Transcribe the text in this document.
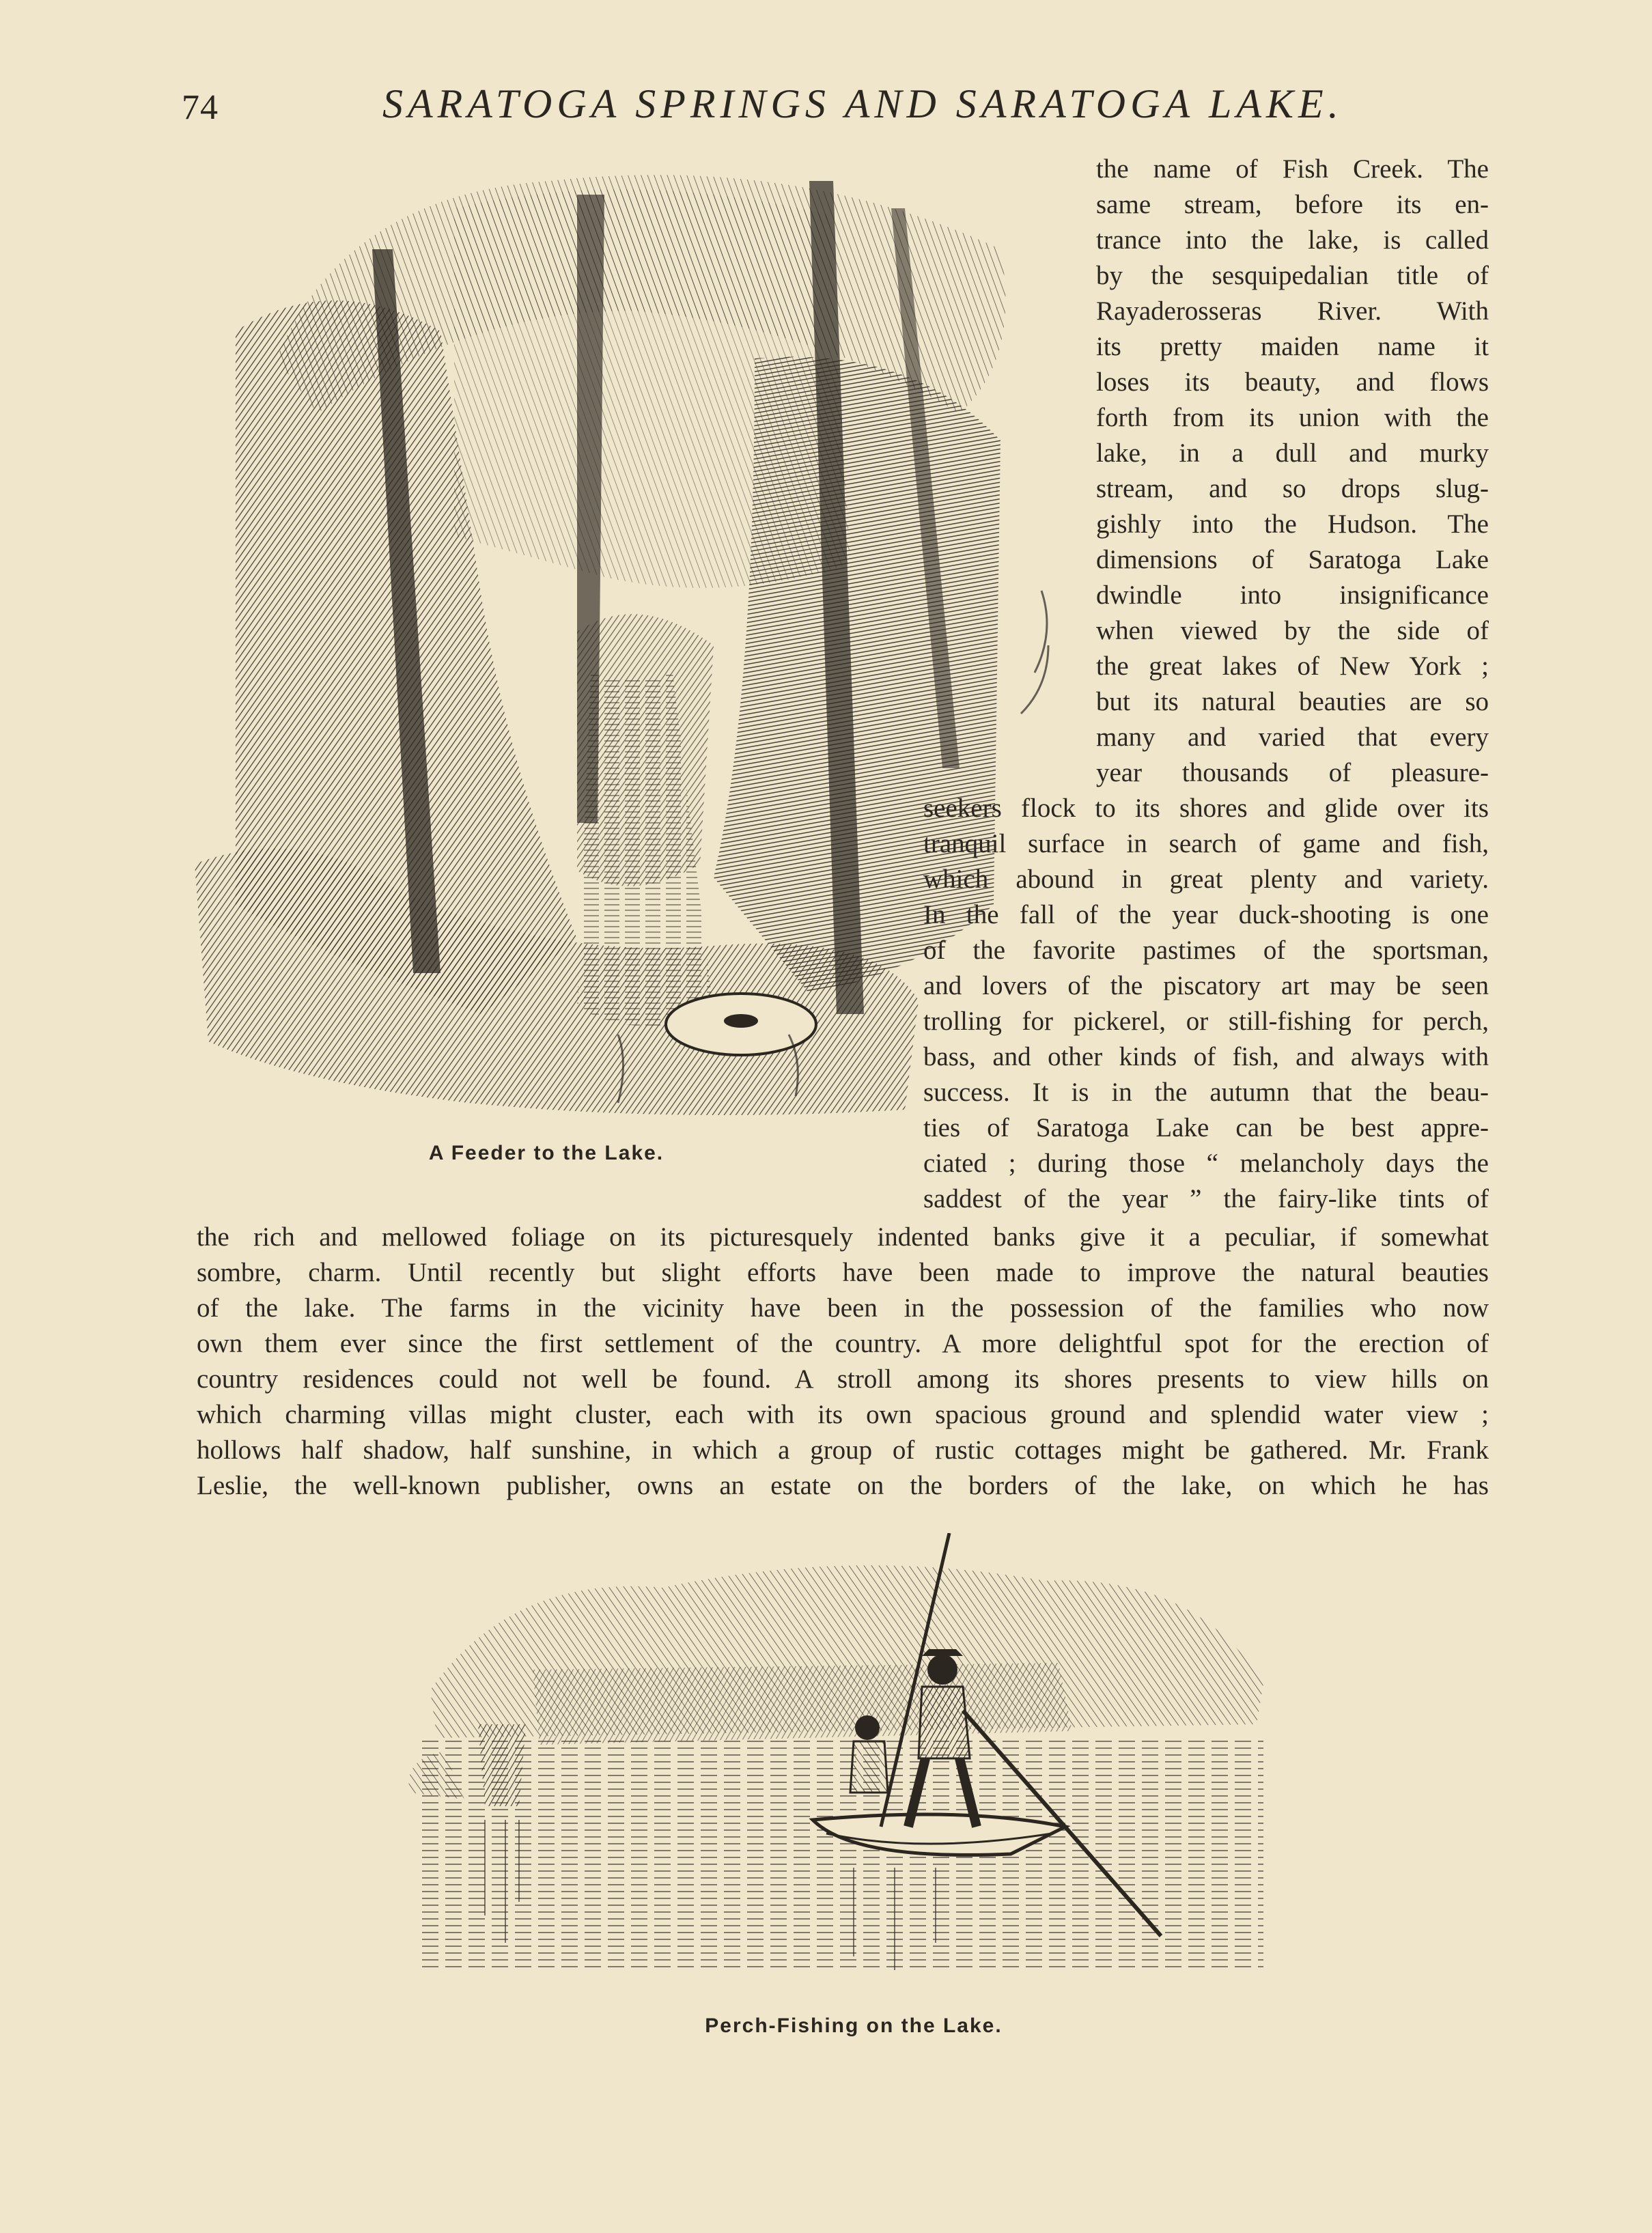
74	SARATOGA SPRINGS AND SARATOGA LAKE.
A Feeder to the Lake.
the name of Fish Creek. The
same stream, before its en-
trance into the lake, is called
by the sesquipedalian title of
Rayaderosseras River. With
its pretty maiden name it
loses its beauty, and flows
forth from its union with the
lake, in a dull and murky
stream, and so drops slug-
gishly into the Hudson. The
dimensions of Saratoga Lake
dwindle into insignificance
when viewed by the side of
the great lakes of New York ;
but its natural beauties are so
many and varied that every
year thousands of pleasure-
seekers flock to its shores and glide over its
tranquil surface in search of game and fish,
which abound in great plenty and variety.
In the fall of the year duck-shooting is one
of the favorite pastimes of the sportsman,
and lovers of the piscatory art may be seen
trolling for pickerel, or still-fishing for perch,
bass, and other kinds of fish, and always with
success. It is in the autumn that the beau-
ties of Saratoga Lake can be best appre-
ciated ; during those “ melancholy days the
saddest of the year ” the fairy-like tints of
the rich and mellowed foliage on its picturesquely indented banks give it a peculiar, if somewhat
sombre, charm. Until recently but slight efforts have been made to improve the natural beauties
of the lake. The farms in the vicinity have been in the possession of the families who now
own them ever since the first settlement of the country. A more delightful spot for the erection of
country residences could not well be found. A stroll among its shores presents to view hills on
which charming villas might cluster, each with its own spacious ground and splendid water view ;
hollows half shadow, half sunshine, in which a group of rustic cottages might be gathered. Mr. Frank
Leslie, the well-known publisher, owns an estate on the borders of the lake, on which he has
Perch-Fishing on the Lake.
